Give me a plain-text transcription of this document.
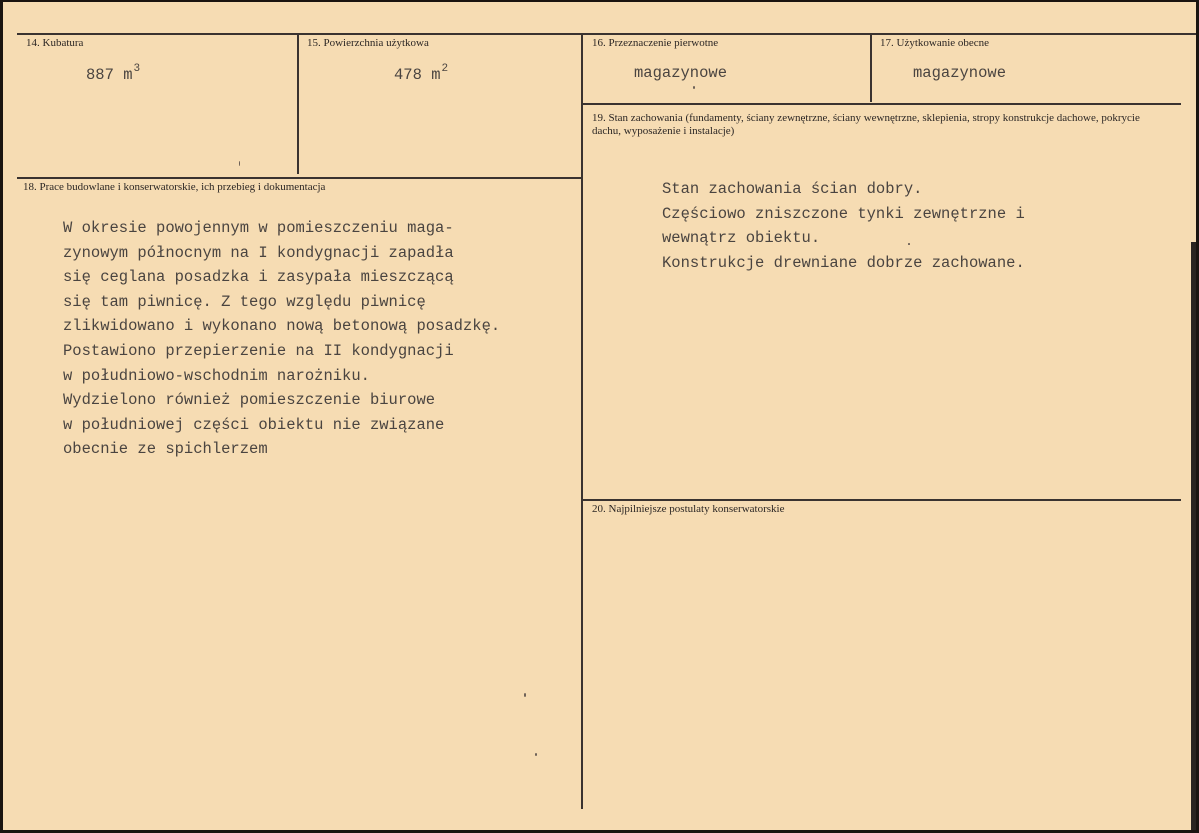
14. Kubatura
887 $m^3$
15. Powierzchnia użytkowa
478 $m^2$
16. Przeznaczenie pierwotne
magazynowe
17. Użytkowanie obecne
magazynowe
18. Prace budowlane i konserwatorskie, ich przebieg i dokumentacja
W okresie powojennym w pomieszczeniu maga-
zynowym północnym na I kondygnacji zapadła
się ceglana posadzka i zasypała mieszczącą
się tam piwnicę. Z tego względu piwnicę
zlikwidowano i wykonano nową betonową posadzkę.
Postawiono przepierzenie na II kondygnacji
w południowo-wschodnim narożniku.
Wydzielono również pomieszczenie biurowe
w południowej części obiektu nie związane
obecnie ze spichlerzem
19. Stan zachowania (fundamenty, ściany zewnętrzne, ściany wewnętrzne, sklepienia, stropy konstrukcje dachowe, pokrycie dachu, wyposażenie i instalacje)
Stan zachowania ścian dobry.
Częściowo zniszczone tynki zewnętrzne i
wewnątrz obiektu.
Konstrukcje drewniane dobrze zachowane.
20. Najpilniejsze postulaty konserwatorskie
